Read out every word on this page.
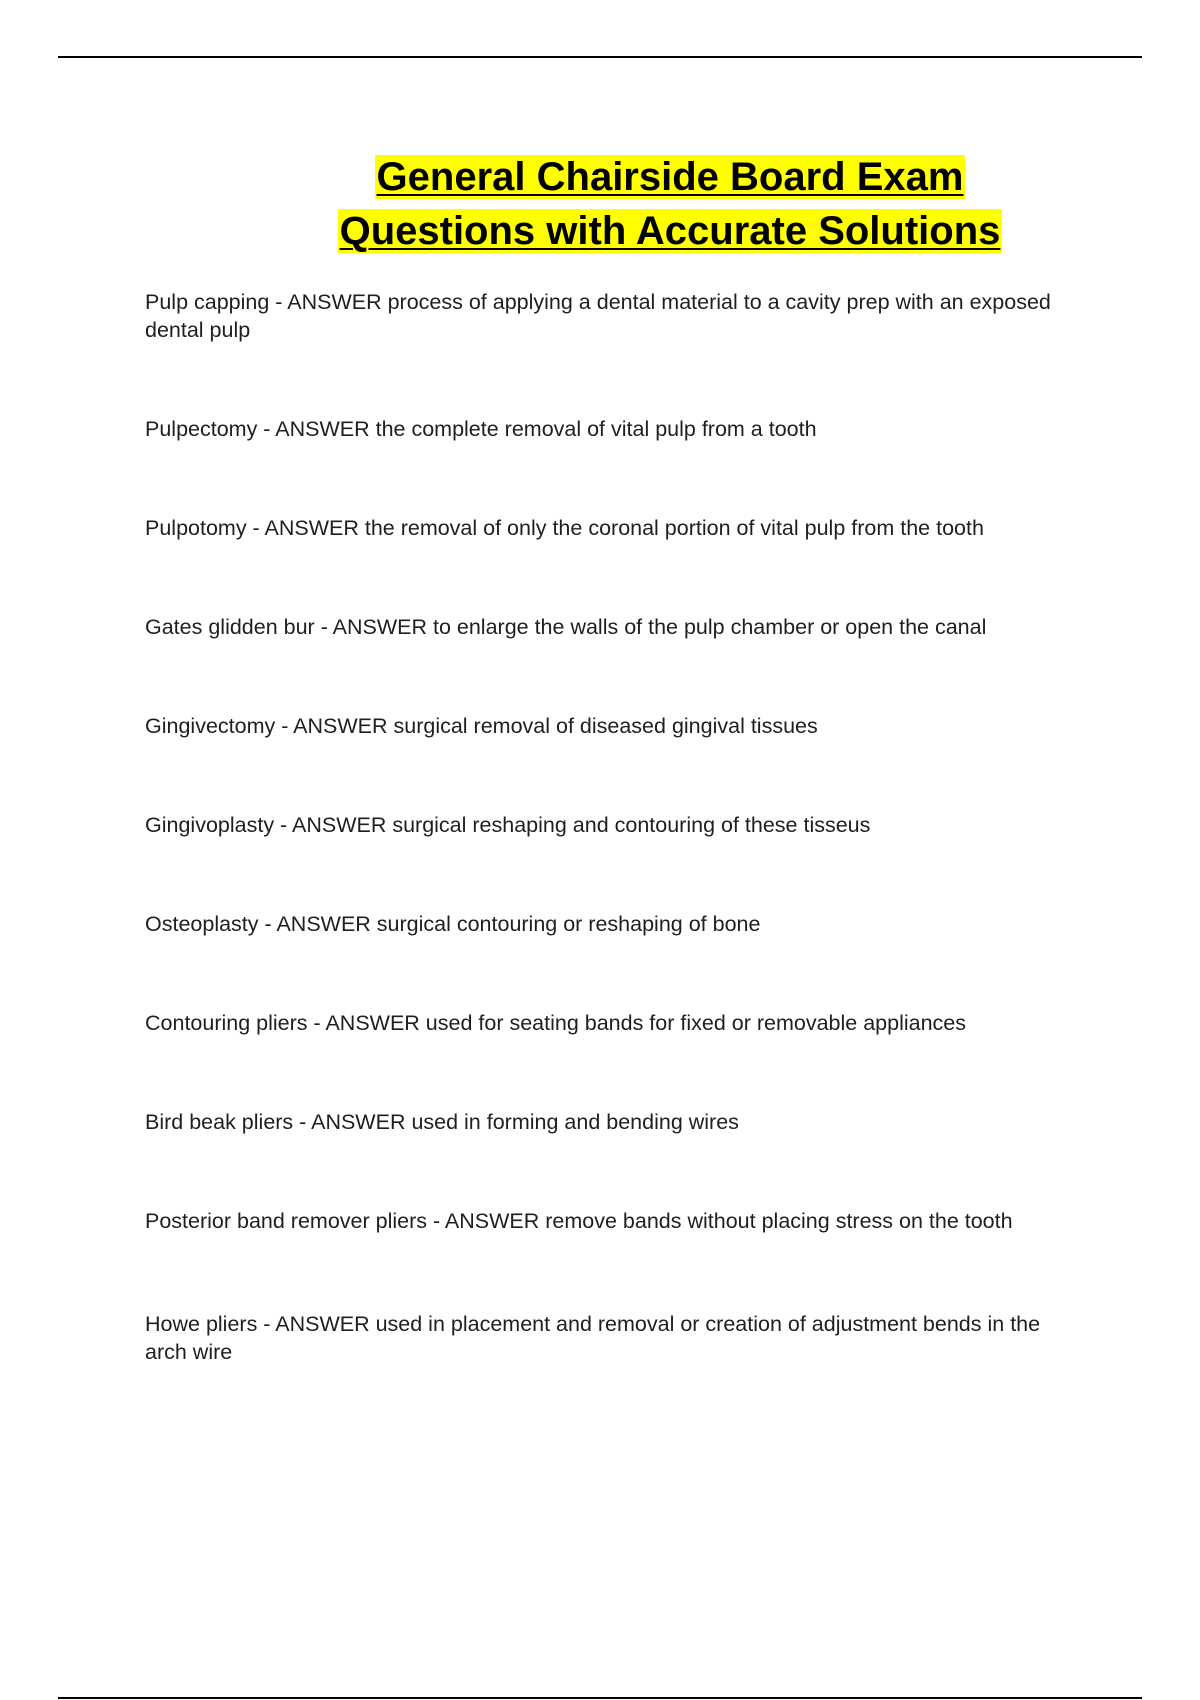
General Chairside Board Exam
Questions with Accurate Solutions

Pulp capping - ANSWER process of applying a dental material to a cavity prep with an exposed dental pulp

Pulpectomy - ANSWER the complete removal of vital pulp from a tooth

Pulpotomy - ANSWER the removal of only the coronal portion of vital pulp from the tooth

Gates glidden bur - ANSWER to enlarge the walls of the pulp chamber or open the canal

Gingivectomy - ANSWER surgical removal of diseased gingival tissues

Gingivoplasty - ANSWER surgical reshaping and contouring of these tisseus

Osteoplasty - ANSWER surgical contouring or reshaping of bone

Contouring pliers - ANSWER used for seating bands for fixed or removable appliances

Bird beak pliers - ANSWER used in forming and bending wires

Posterior band remover pliers - ANSWER remove bands without placing stress on the tooth

Howe pliers - ANSWER used in placement and removal or creation of adjustment bends in the arch wire
